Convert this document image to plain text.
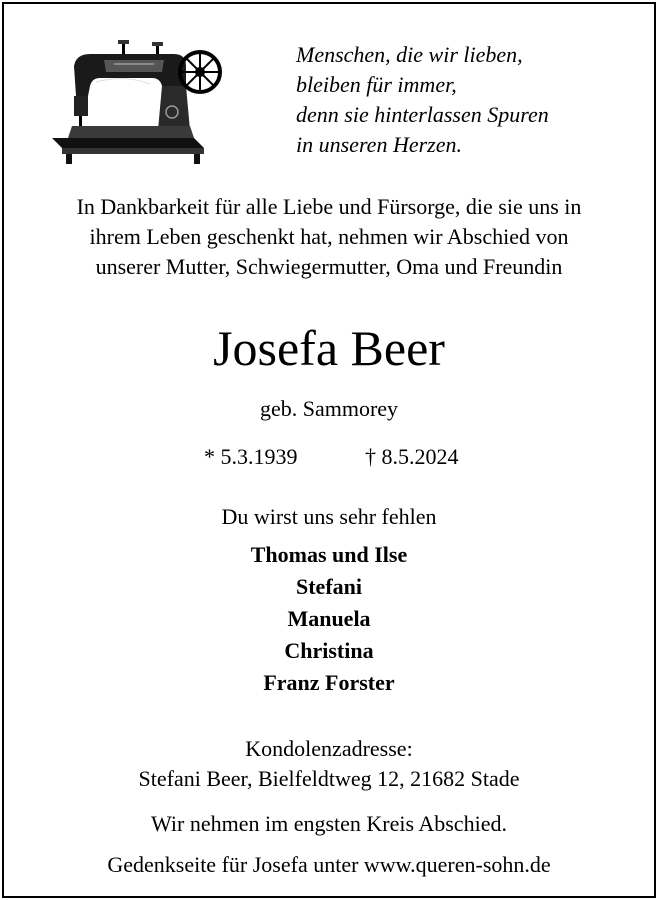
Menschen, die wir lieben,
bleiben für immer,
denn sie hinterlassen Spuren
in unseren Herzen.
In Dankbarkeit für alle Liebe und Fürsorge, die sie uns in
ihrem Leben geschenkt hat, nehmen wir Abschied von
unserer Mutter, Schwiegermutter, Oma und Freundin
Josefa Beer
geb. Sammorey
* 5.3.1939	† 8.5.2024
Du wirst uns sehr fehlen
Thomas und Ilse
Stefani
Manuela
Christina
Franz Forster
Kondolenzadresse:
Stefani Beer, Bielfeldtweg 12, 21682 Stade
Wir nehmen im engsten Kreis Abschied.
Gedenkseite für Josefa unter www.queren-sohn.de
